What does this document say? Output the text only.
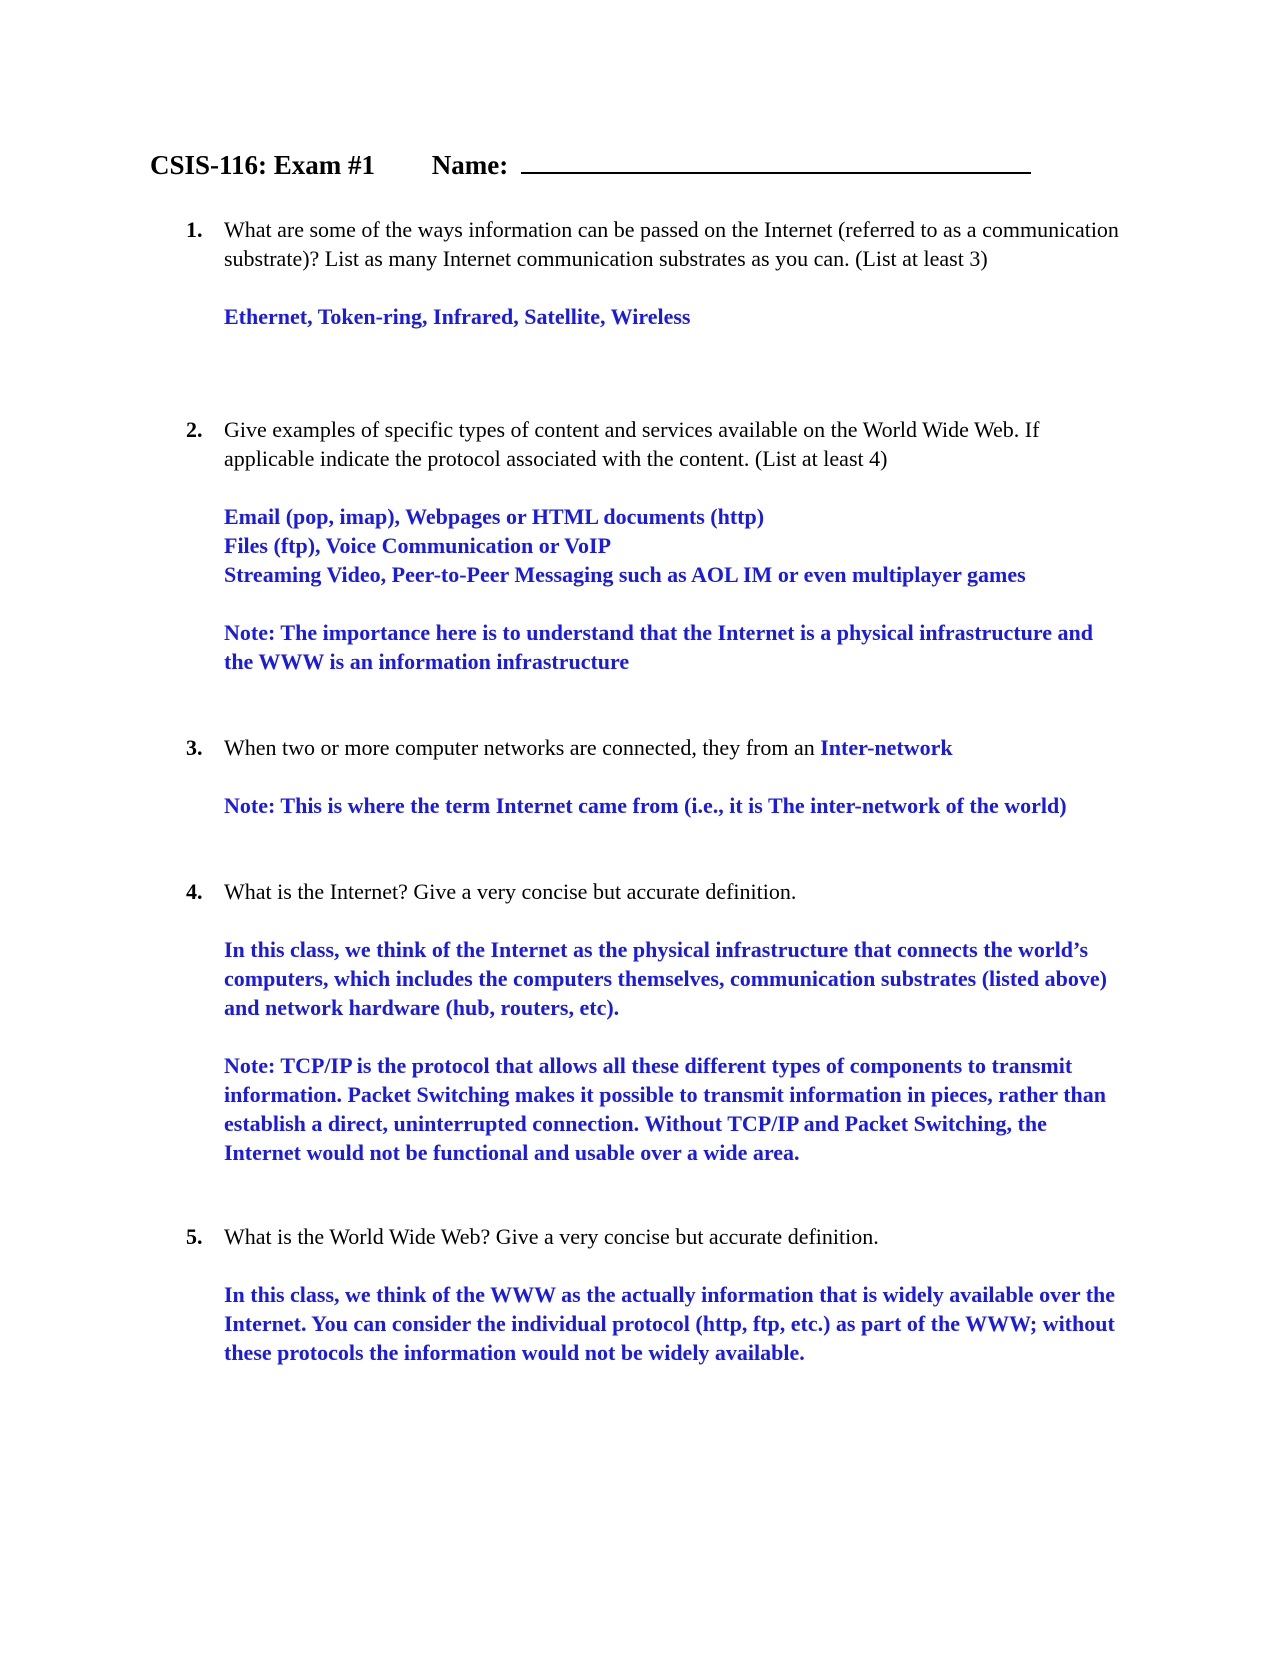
CSIS-116: Exam #1 Name:
1. What are some of the ways information can be passed on the Internet (referred to as a communication substrate)? List as many Internet communication substrates as you can. (List at least 3)

Ethernet, Token-ring, Infrared, Satellite, Wireless

2. Give examples of specific types of content and services available on the World Wide Web. If applicable indicate the protocol associated with the content. (List at least 4)

Email (pop, imap), Webpages or HTML documents (http)

Files (ftp), Voice Communication or VoIP

Streaming Video, Peer-to-Peer Messaging such as AOL IM or even multiplayer games

Note: The importance here is to understand that the Internet is a physical infrastructure and the WWW is an information infrastructure

3. When two or more computer networks are connected, they from an Inter-network

Note: This is where the term Internet came from (i.e., it is The inter-network of the world)

4. What is the Internet? Give a very concise but accurate definition.

In this class, we think of the Internet as the physical infrastructure that connects the world’s computers, which includes the computers themselves, communication substrates (listed above) and network hardware (hub, routers, etc).

Note: TCP/IP is the protocol that allows all these different types of components to transmit information. Packet Switching makes it possible to transmit information in pieces, rather than establish a direct, uninterrupted connection. Without TCP/IP and Packet Switching, the Internet would not be functional and usable over a wide area.

5. What is the World Wide Web? Give a very concise but accurate definition.

In this class, we think of the WWW as the actually information that is widely available over the Internet. You can consider the individual protocol (http, ftp, etc.) as part of the WWW; without these protocols the information would not be widely available.
